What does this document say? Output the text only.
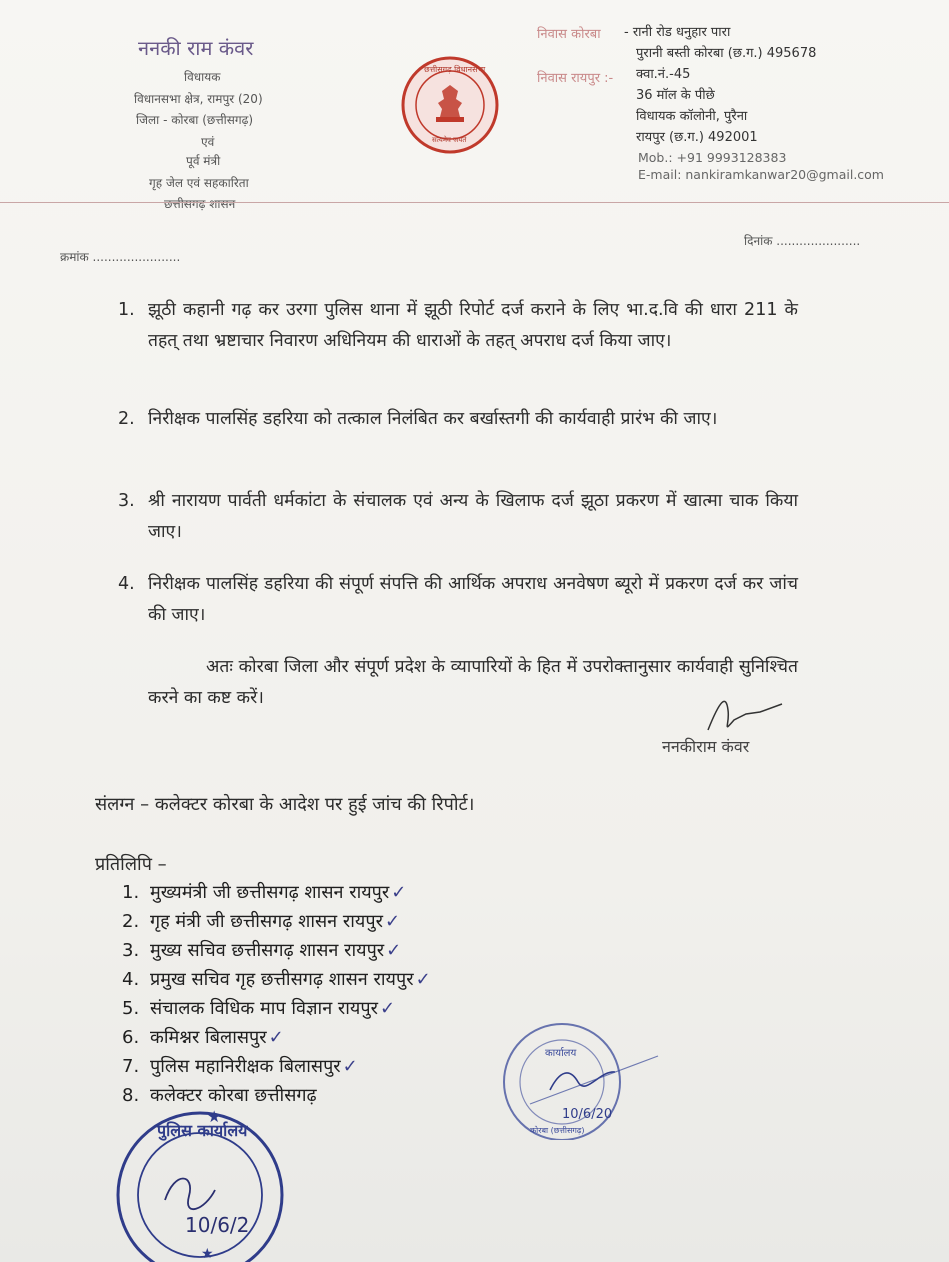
ननकी राम कंवर
विधायक
विधानसभा क्षेत्र, रामपुर (20)
जिला - कोरबा (छत्तीसगढ़)
एवं
पूर्व मंत्री
गृह जेल एवं सहकारिता
छत्तीसगढ़ शासन
छत्तीसगढ़ विधानसभा
सत्यमेव जयते
निवास कोरबा - रानी रोड धनुहार पारा
पुरानी बस्ती कोरबा (छ.ग.) 495678
निवास रायपुर :- क्वा.नं.-45
36 मॉल के पीछे
विधायक कॉलोनी, पुरैना
रायपुर (छ.ग.) 492001
Mob.: +91 9993128383
E-mail: nankiramkanwar20@gmail.com
दिनांक ......................
क्रमांक .......................
1. झूठी कहानी गढ़ कर उरगा पुलिस थाना में झूठी रिपोर्ट दर्ज कराने के लिए भा.द.वि की धारा 211 के तहत् तथा भ्रष्टाचार निवारण अधिनियम की धाराओं के तहत् अपराध दर्ज किया जाए।
2. निरीक्षक पालसिंह डहरिया को तत्काल निलंबित कर बर्खास्तगी की कार्यवाही प्रारंभ की जाए।
3. श्री नारायण पार्वती धर्मकांटा के संचालक एवं अन्य के खिलाफ दर्ज झूठा प्रकरण में खात्मा चाक किया जाए।
4. निरीक्षक पालसिंह डहरिया की संपूर्ण संपत्ति की आर्थिक अपराध अनवेषण ब्यूरो में प्रकरण दर्ज कर जांच की जाए।
अतः कोरबा जिला और संपूर्ण प्रदेश के व्यापारियों के हित में उपरोक्तानुसार कार्यवाही सुनिश्चित करने का कष्ट करें।
ननकीराम कंवर
संलग्न – कलेक्टर कोरबा के आदेश पर हुई जांच की रिपोर्ट।
प्रतिलिपि –
1. मुख्यमंत्री जी छत्तीसगढ़ शासन रायपुर ✓
2. गृह मंत्री जी छत्तीसगढ़ शासन रायपुर ✓
3. मुख्य सचिव छत्तीसगढ़ शासन रायपुर ✓
4. प्रमुख सचिव गृह छत्तीसगढ़ शासन रायपुर ✓
5. संचालक विधिक माप विज्ञान रायपुर ✓
6. कमिश्नर बिलासपुर ✓
7. पुलिस महानिरीक्षक बिलासपुर ✓
8. कलेक्टर कोरबा छत्तीसगढ़
कार्यालय
10/6/20
कोरबा (छत्तीसगढ़)
पुलिस कार्यालय
10/6/2
★
★
